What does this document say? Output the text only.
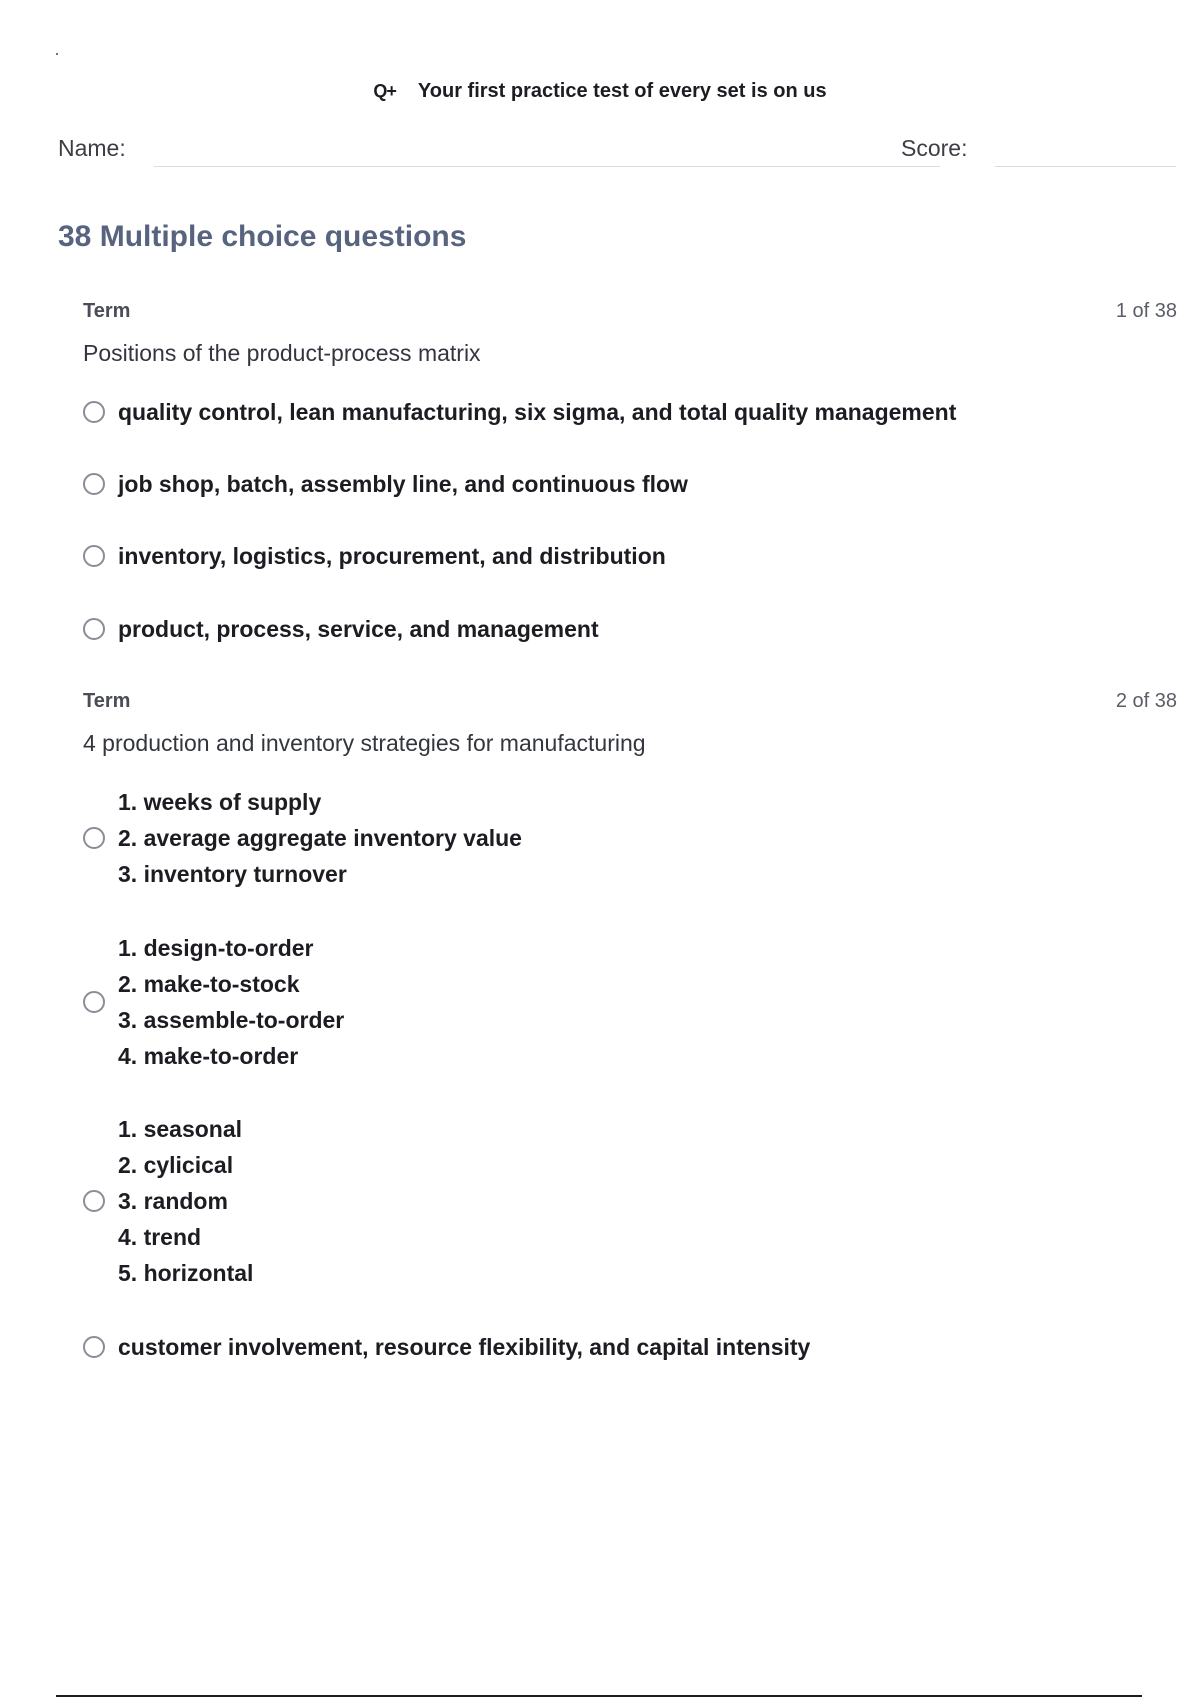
Q+ Your first practice test of every set is on us
Name:	Score:
38 Multiple choice questions
Term	1 of 38
Positions of the product-process matrix
quality control, lean manufacturing, six sigma, and total quality management
job shop, batch, assembly line, and continuous flow
inventory, logistics, procurement, and distribution
product, process, service, and management
Term	2 of 38
4 production and inventory strategies for manufacturing
1. weeks of supply
2. average aggregate inventory value
3. inventory turnover
1. design-to-order
2. make-to-stock
3. assemble-to-order
4. make-to-order
1. seasonal
2. cylicical
3. random
4. trend
5. horizontal
customer involvement, resource flexibility, and capital intensity
